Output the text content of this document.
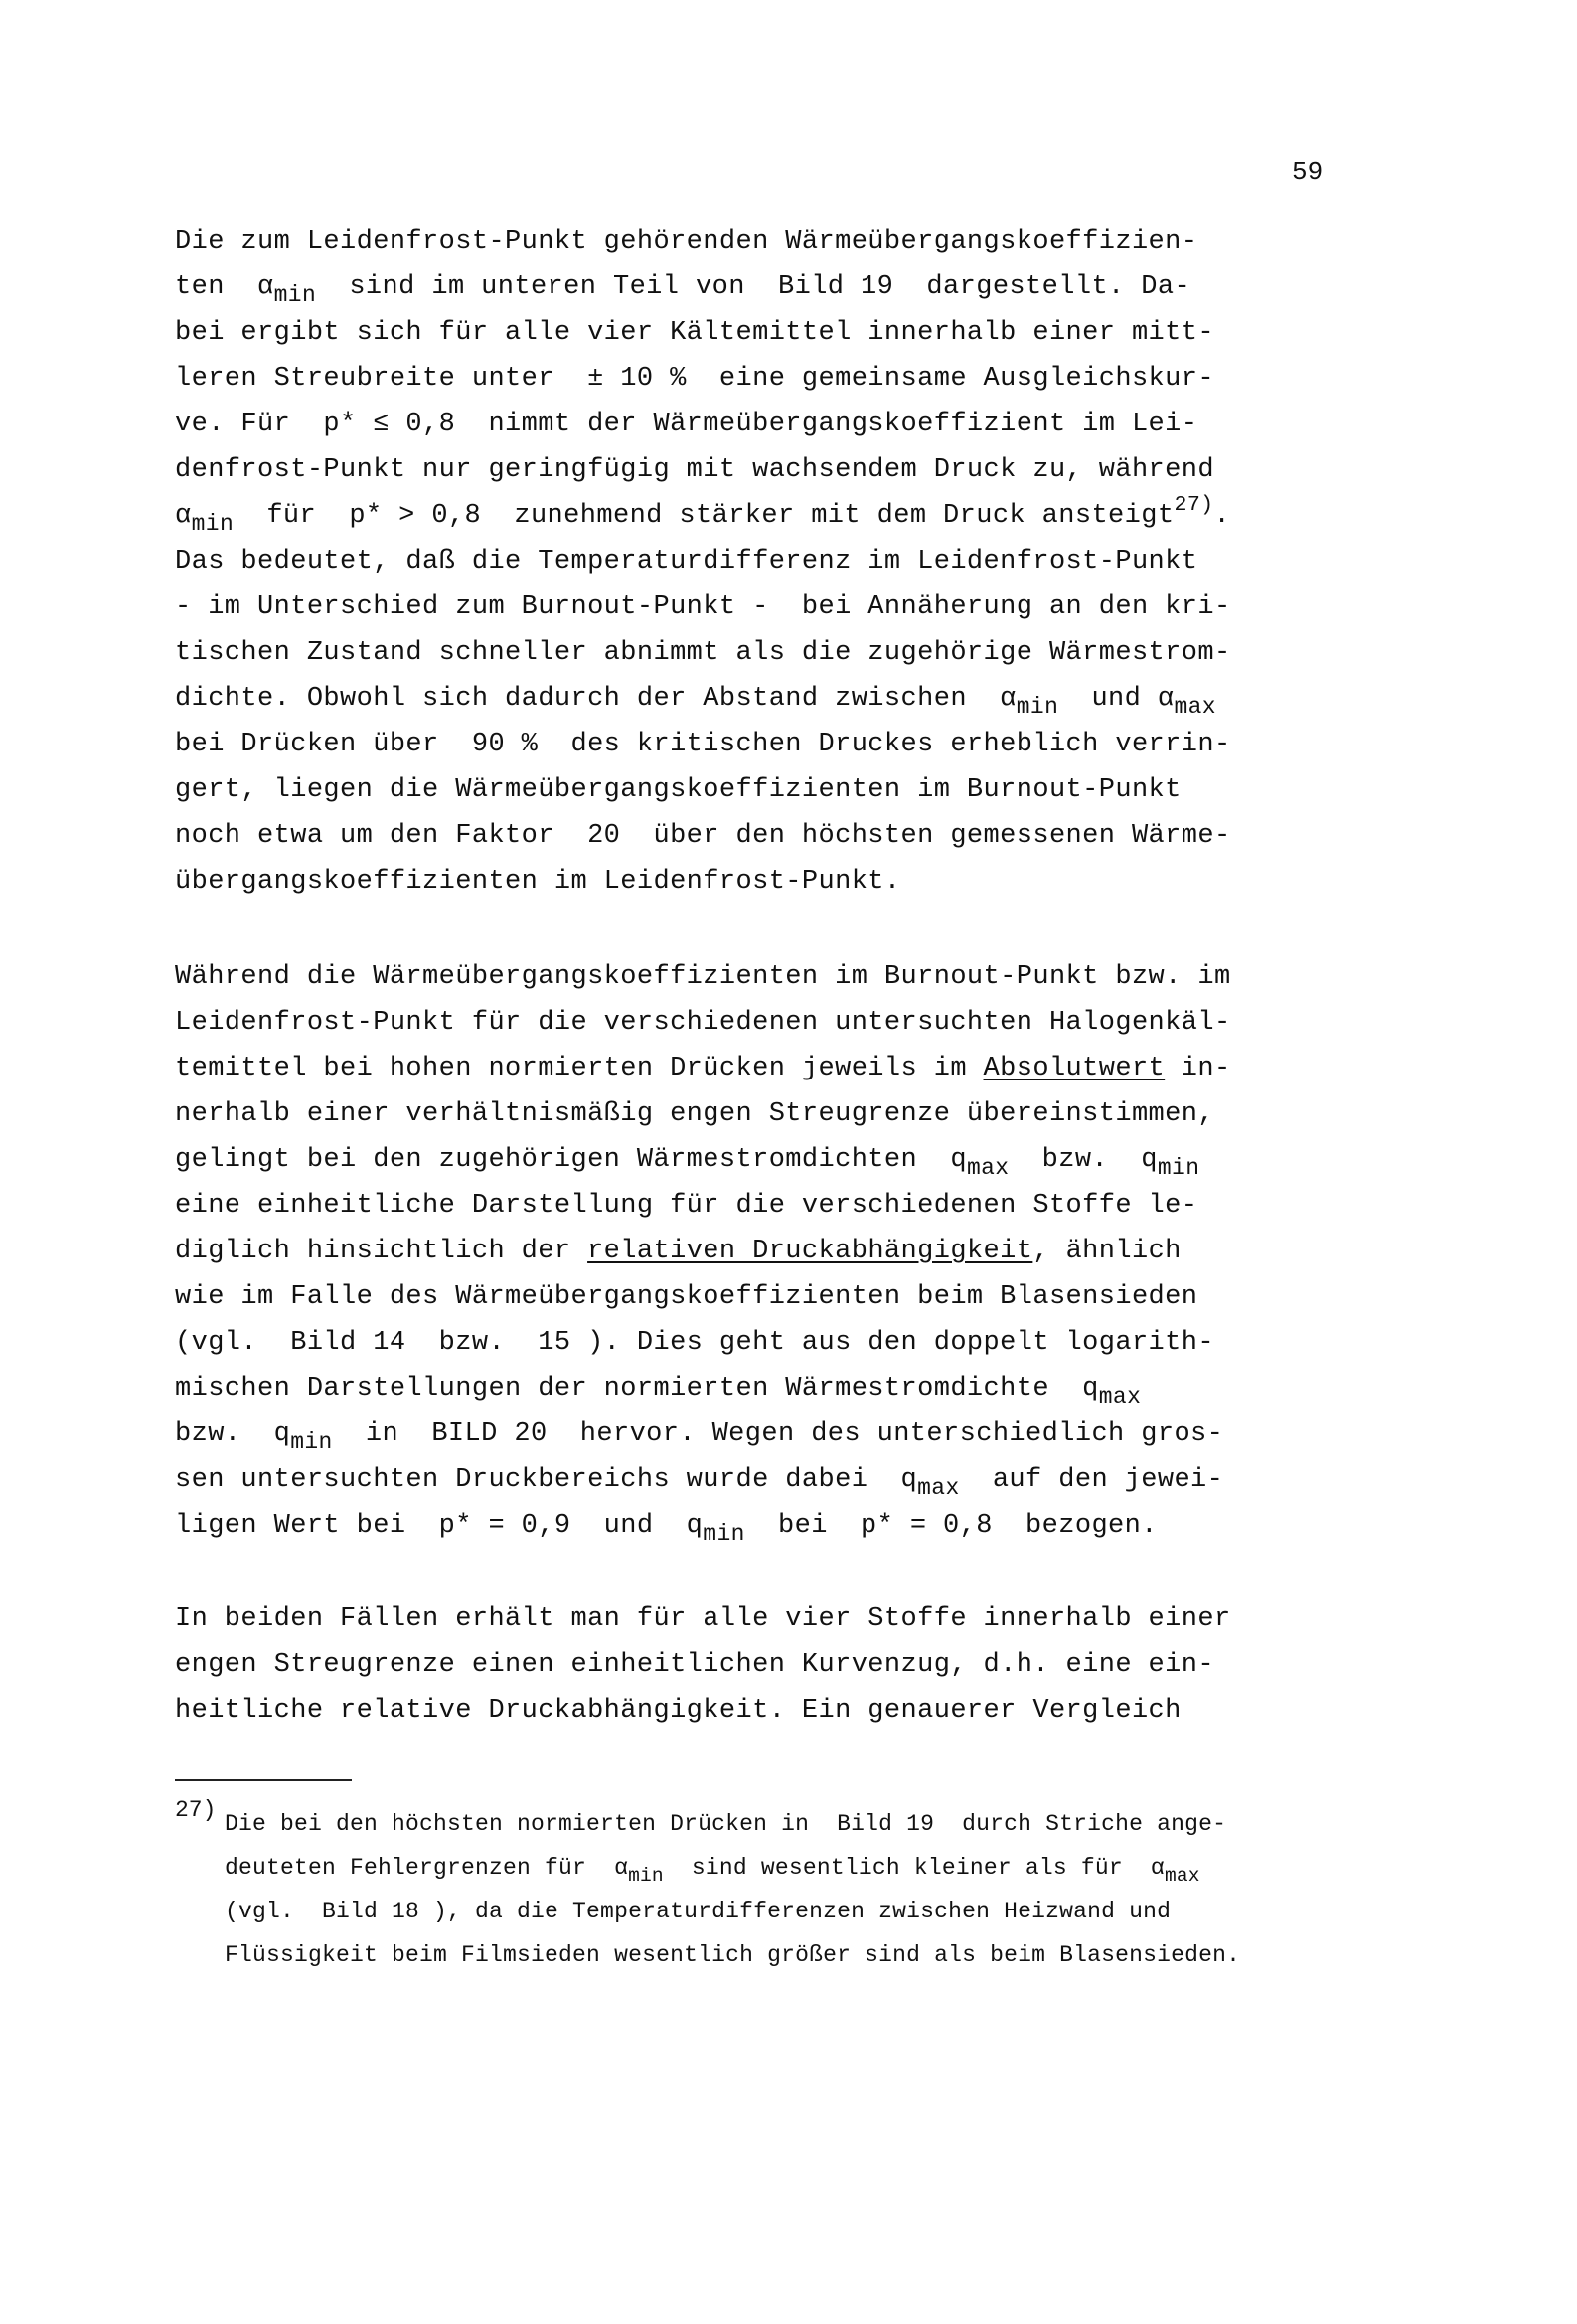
59
Die zum Leidenfrost-Punkt gehörenden Wärmeübergangskoeffizien-
ten  $\alpha_{min}$  sind im unteren Teil von  Bild 19  dargestellt. Da-
bei ergibt sich für alle vier Kältemittel innerhalb einer mitt-
leren Streubreite unter  ± 10 %  eine gemeinsame Ausgleichskur-
ve. Für  p* ≤ 0,8  nimmt der Wärmeübergangskoeffizient im Lei-
denfrost-Punkt nur geringfügig mit wachsendem Druck zu, während
$\alpha_{min}$  für  p* > 0,8  zunehmend stärker mit dem Druck ansteigt$^{27)}$.
Das bedeutet, daß die Temperaturdifferenz im Leidenfrost-Punkt
- im Unterschied zum Burnout-Punkt -  bei Annäherung an den kri-
tischen Zustand schneller abnimmt als die zugehörige Wärmestrom-
dichte. Obwohl sich dadurch der Abstand zwischen  $\alpha_{min}$  und $\alpha_{max}$
bei Drücken über  90 %  des kritischen Druckes erheblich verrin-
gert, liegen die Wärmeübergangskoeffizienten im Burnout-Punkt
noch etwa um den Faktor  20  über den höchsten gemessenen Wärme-
übergangskoeffizienten im Leidenfrost-Punkt.
Während die Wärmeübergangskoeffizienten im Burnout-Punkt bzw. im
Leidenfrost-Punkt für die verschiedenen untersuchten Halogenkäl-
temittel bei hohen normierten Drücken jeweils im Absolutwert in-
nerhalb einer verhältnismäßig engen Streugrenze übereinstimmen,
gelingt bei den zugehörigen Wärmestromdichten  $q_{max}$  bzw.  $q_{min}$
eine einheitliche Darstellung für die verschiedenen Stoffe le-
diglich hinsichtlich der relativen Druckabhängigkeit, ähnlich
wie im Falle des Wärmeübergangskoeffizienten beim Blasensieden
(vgl.  Bild 14  bzw.  15 ). Dies geht aus den doppelt logarith-
mischen Darstellungen der normierten Wärmestromdichte  $q_{max}$
bzw.  $q_{min}$  in  BILD 20  hervor. Wegen des unterschiedlich gros-
sen untersuchten Druckbereichs wurde dabei  $q_{max}$  auf den jewei-
ligen Wert bei  p* = 0,9  und  $q_{min}$  bei  p* = 0,8  bezogen.
In beiden Fällen erhält man für alle vier Stoffe innerhalb einer
engen Streugrenze einen einheitlichen Kurvenzug, d.h. eine ein-
heitliche relative Druckabhängigkeit. Ein genauerer Vergleich
27)
Die bei den höchsten normierten Drücken in  Bild 19  durch Striche ange-
deuteten Fehlergrenzen für  $\alpha_{min}$  sind wesentlich kleiner als für  $\alpha_{max}$
(vgl.  Bild 18 ), da die Temperaturdifferenzen zwischen Heizwand und
Flüssigkeit beim Filmsieden wesentlich größer sind als beim Blasensieden.
